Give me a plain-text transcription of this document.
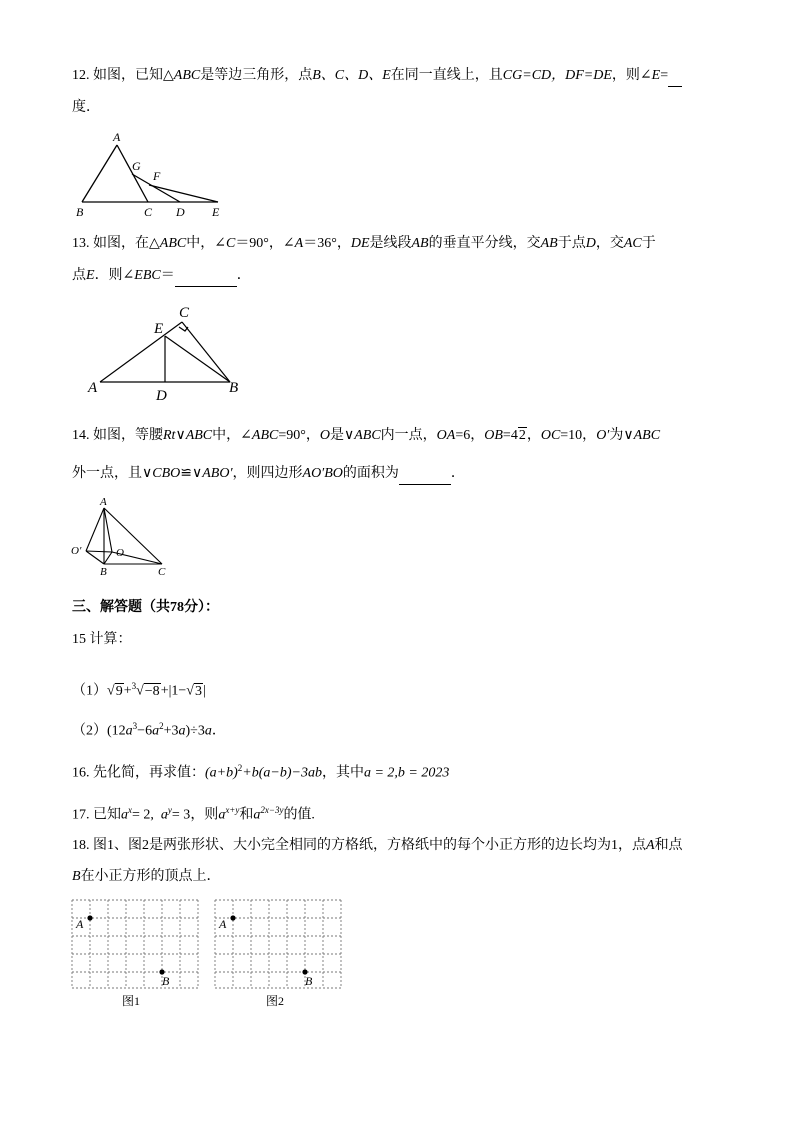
12. 如图，已知△ABC是等边三角形，点B、C、D、E在同一直线上，且CG=CD，DF=DE，则∠E=
度．
A
G
F
B	C D E
13. 如图，在△ABC中，∠C＝90°，∠A＝36°，DE是线段AB的垂直平分线，交AB于点D，交AC于
点E．则∠EBC＝	．
C
E
A	D	B
14. 如图，等腰Rt∨ABC中，∠ABC=90°，O是∨ABC内一点，OA=6，OB=42，OC=10，O′为∨ABC
外一点，且∨CBO≌∨ABO′，则四边形AO′BO的面积为	．
A
O′	O
B	C
三、解答题（共78分）：
15 计算：
（1）√9+$^3$√−8+|1−√3|
$(2)(12a^3-6a^2+3a)\div 3a$．
16. 先化简，再求值：$(a+b)^2+b(a-b)-3ab$，其中a = 2,b = 2023
17. 已知$a^x= 2$, $a^y= 3$，则$a^{x+y}$和$a^{2x-3y}$的值.
18. 图1、图2是两张形状、大小完全相同的方格纸，方格纸中的每个小正方形的边长均为1，点A和点
B在小正方形的顶点上．
A
B
图1
A
B
图2
